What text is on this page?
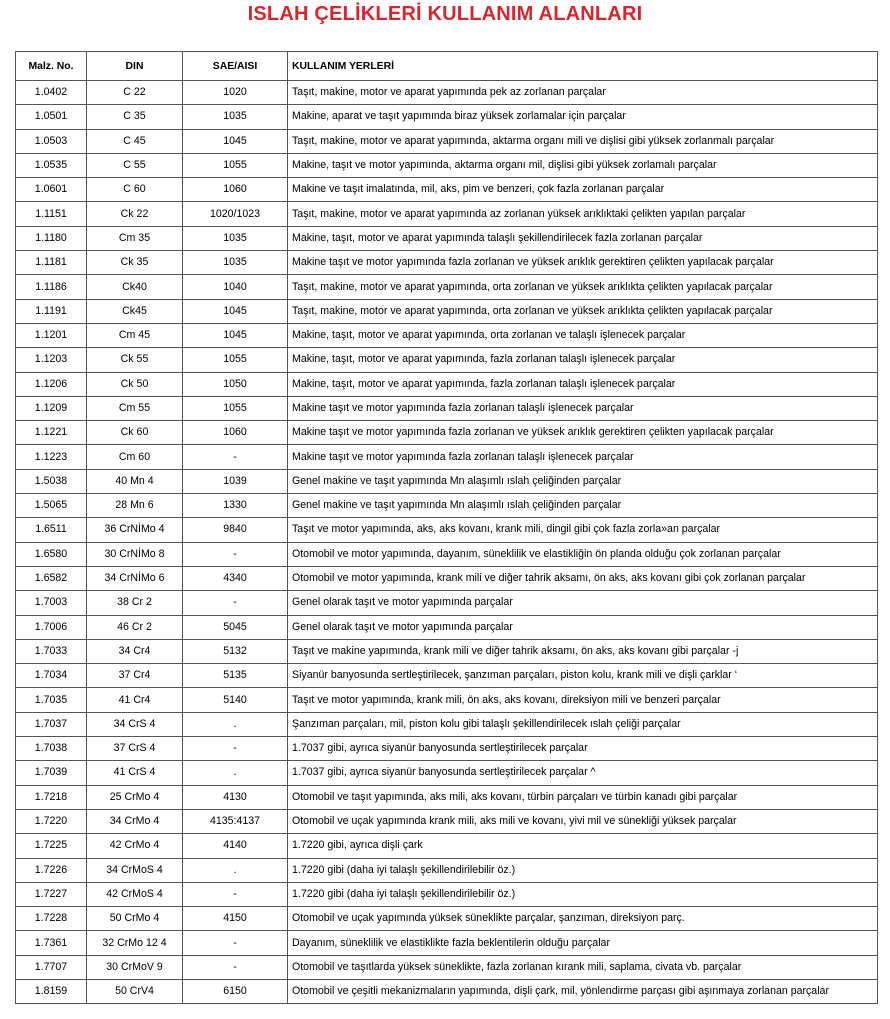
ISLAH ÇELİKLERİ KULLANIM ALANLARI
Malz. No.	DIN	SAE/AISI	KULLANIM YERLERİ
1.0402	C 22	1020	Taşıt, makine, motor ve aparat yapımında pek az zorlanan parçalar
1.0501	C 35	1035	Makine, aparat ve taşıt yapımında biraz yüksek zorlamalar için parçalar
1.0503	C 45	1045	Taşıt, makine, motor ve aparat yapımında, aktarma organı mili ve dişlisi gibi yüksek zorlanmalı parçalar
1.0535	C 55	1055	Makine, taşıt ve motor yapımında, aktarma organı mil, dişlisi gibi yüksek zorlamalı parçalar
1.0601	C 60	1060	Makine ve taşıt imalatında, mil, aks, pim ve benzeri, çok fazla zorlanan parçalar
1.1151	Ck 22	1020/1023	Taşıt, makine, motor ve aparat yapımında az zorlanan yüksek arıklıktaki çelikten yapılan parçalar
1.1180	Cm 35	1035	Makine, taşıt, motor ve aparat yapımında talaşlı şekillendirilecek fazla zorlanan parçalar
1.1181	Ck 35	1035	Makine taşıt ve motor yapımında fazla zorlanan ve yüksek arıklık gerektiren çelikten yapılacak parçalar
1.1186	Ck40	1040	Taşıt, makine, motor ve aparat yapımında, orta zorlanan ve yüksek arıklıkta çelikten yapılacak parçalar
1.1191	Ck45	1045	Taşıt, makine, motor ve aparat yapımında, orta zorlanan ve yüksek arıklıkta çelikten yapılacak parçalar
1.1201	Cm 45	1045	Makine, taşıt, motor ve aparat yapımında, orta zorlanan ve talaşlı işlenecek parçalar
1.1203	Ck 55	1055	Makine, taşıt, motor ve aparat yapımında, fazla zorlanan talaşlı işlenecek parçalar
1.1206	Ck 50	1050	Makine, taşıt, motor ve aparat yapımında, fazla zorlanan talaşlı işlenecek parçalar
1.1209	Cm 55	1055	Makine taşıt ve motor yapımında fazla zorlanan talaşlı işlenecek parçalar
1.1221	Ck 60	1060	Makine taşıt ve motor yapımında fazla zorlanan ve yüksek arıklık gerektiren çelikten yapılacak parçalar
1.1223	Cm 60	-	Makine taşıt ve motor yapımında fazla zorlanan talaşlı işlenecek parçalar
1.5038	40 Mn 4	1039	Genel makine ve taşıt yapımında Mn alaşımlı ıslah çeliğinden parçalar
1.5065	28 Mn 6	1330	Genel makine ve taşıt yapımında Mn alaşımlı ıslah çeliğinden parçalar
1.6511	36 CrNİMo 4	9840	Taşıt ve motor yapımında, aks, aks kovanı, krank mili, dingil gibi çok fazla zorla»an parçalar
1.6580	30 CrNİMo 8	-	Otomobil ve motor yapımında, dayanım, süneklilik ve elastikliğin ön planda olduğu çok zorlanan parçalar
1.6582	34 CrNİMo 6	4340	Otomobil ve motor yapımında, krank mili ve diğer tahrik aksamı, ön aks, aks kovanı gibi çok zorlanan parçalar
1.7003	38 Cr 2	-	Genel olarak taşıt ve motor yapımında parçalar
1.7006	46 Cr 2	5045	Genel olarak taşıt ve motor yapımında parçalar
1.7033	34 Cr4	5132	Taşıt ve makine yapımında, krank mili ve diğer tahrik aksamı, ön aks, aks kovanı gibi parçalar -j
1.7034	37 Cr4	5135	Siyanür banyosunda sertleştirilecek, şanzıman parçaları, piston kolu, krank mili ve dişli çarklar ‘
1.7035	41 Cr4	5140	Taşıt ve motor yapımında, krank mili, ön aks, aks kovanı, direksiyon mili ve benzeri parçalar
1.7037	34 CrS 4	.	Şanzıman parçaları, mil, piston kolu gibi talaşlı şekillendirilecek ıslah çeliği parçalar
1.7038	37 CrS 4	-	1.7037 gibi, ayrıca siyanür banyosunda sertleştirilecek parçalar
1.7039	41 CrS 4	.	1.7037 gibi, ayrıca siyanür banyosunda sertleştirilecek parçalar ^
1.7218	25 CrMo 4	4130	Otomobil ve taşıt yapımında, aks mili, aks kovanı, türbin parçaları ve türbin kanadı gibi parçalar
1.7220	34 CrMo 4	4135:4137	Otomobil ve uçak yapımında krank mili, aks mili ve kovanı, yivi mil ve sünekliği yüksek parçalar
1.7225	42 CrMo 4	4140	1.7220 gibi, ayrıca dişli çark
1.7226	34 CrMoS 4	.	1.7220 gibi (daha iyi talaşlı şekillendirilebilir öz.)
1.7227	42 CrMoS 4	-	1.7220 gibi (daha iyi talaşlı şekillendirilebilir öz.)
1.7228	50 CrMo 4	4150	Otomobil ve uçak yapımında yüksek süneklikte parçalar, şanzıman, direksiyon parç.
1.7361	32 CrMo 12 4	-	Dayanım, süneklilik ve elastiklikte fazla beklentilerin olduğu parçalar
1.7707	30 CrMoV 9	-	Otomobil ve taşıtlarda yüksek süneklikte, fazla zorlanan kırank mili, saplama, civata vb. parçalar
1.8159	50 CrV4	6150	Otomobil ve çeşitli mekanizmaların yapımında, dişli çark, mil, yönlendirme parçası gibi aşınmaya zorlanan parçalar
